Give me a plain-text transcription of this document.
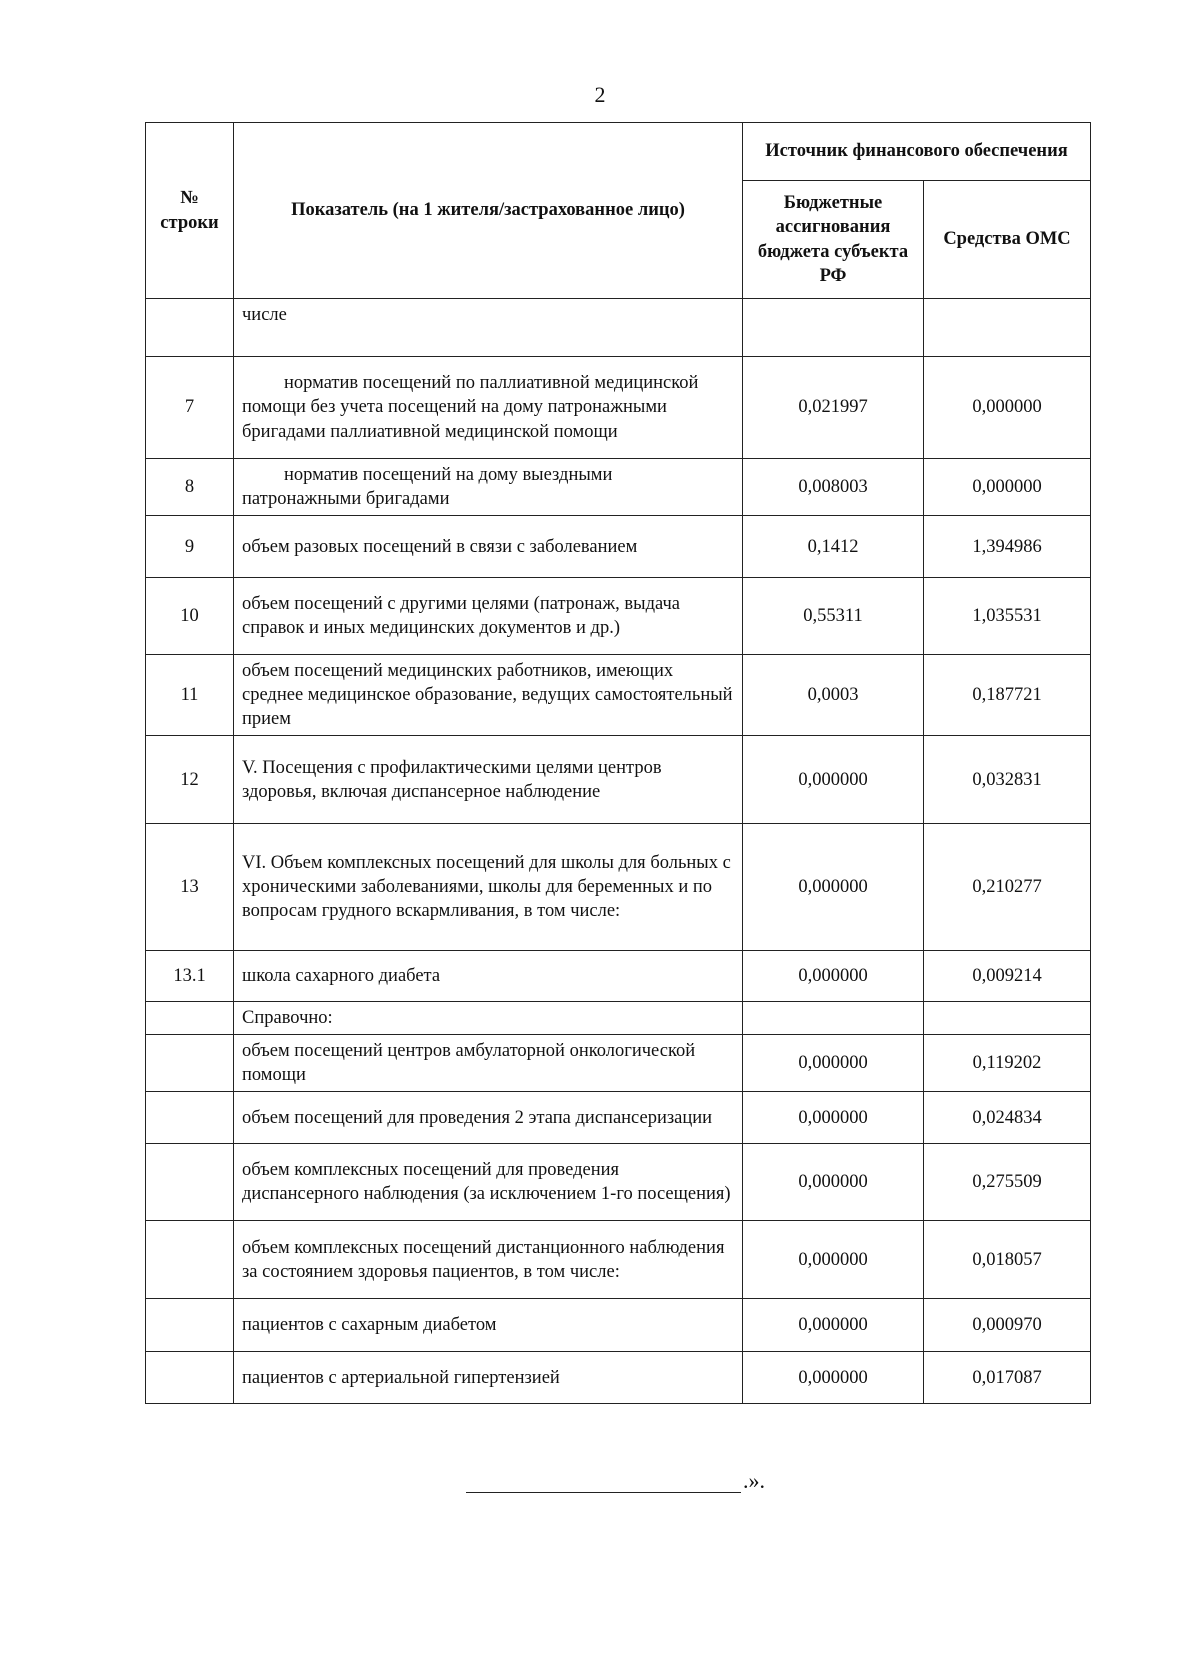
2
№ строки	Показатель (на 1 жителя/застрахованное лицо)	Источник финансового обеспечения	
		Бюджетные ассигнования бюджета субъекта РФ	Средства ОМС
	числе		
7	норматив посещений по паллиативной медицинской помощи без учета посещений на дому патронажными бригадами паллиативной медицинской помощи	0,021997	0,000000
8	норматив посещений на дому выездными патронажными бригадами	0,008003	0,000000
9	объем разовых посещений в связи с заболеванием	0,1412	1,394986
10	объем посещений с другими целями (патронаж, выдача справок и иных медицинских документов и др.)	0,55311	1,035531
11	объем посещений медицинских работников, имеющих среднее медицинское образование, ведущих самостоятельный прием	0,0003	0,187721
12	V. Посещения с профилактическими целями центров здоровья, включая диспансерное наблюдение	0,000000	0,032831
13	VI. Объем комплексных посещений для школы для больных с хроническими заболеваниями, школы для беременных и по вопросам грудного вскармливания, в том числе:	0,000000	0,210277
13.1	школа сахарного диабета	0,000000	0,009214
	Справочно:		
	объем посещений центров амбулаторной онкологической помощи	0,000000	0,119202
	объем посещений для проведения 2 этапа диспансеризации	0,000000	0,024834
	объем комплексных посещений для проведения диспансерного наблюдения (за исключением 1-го посещения)	0,000000	0,275509
	объем комплексных посещений дистанционного наблюдения за состоянием здоровья пациентов, в том числе:	0,000000	0,018057
	пациентов с сахарным диабетом	0,000000	0,000970
	пациентов с артериальной гипертензией	0,000000	0,017087
.».
